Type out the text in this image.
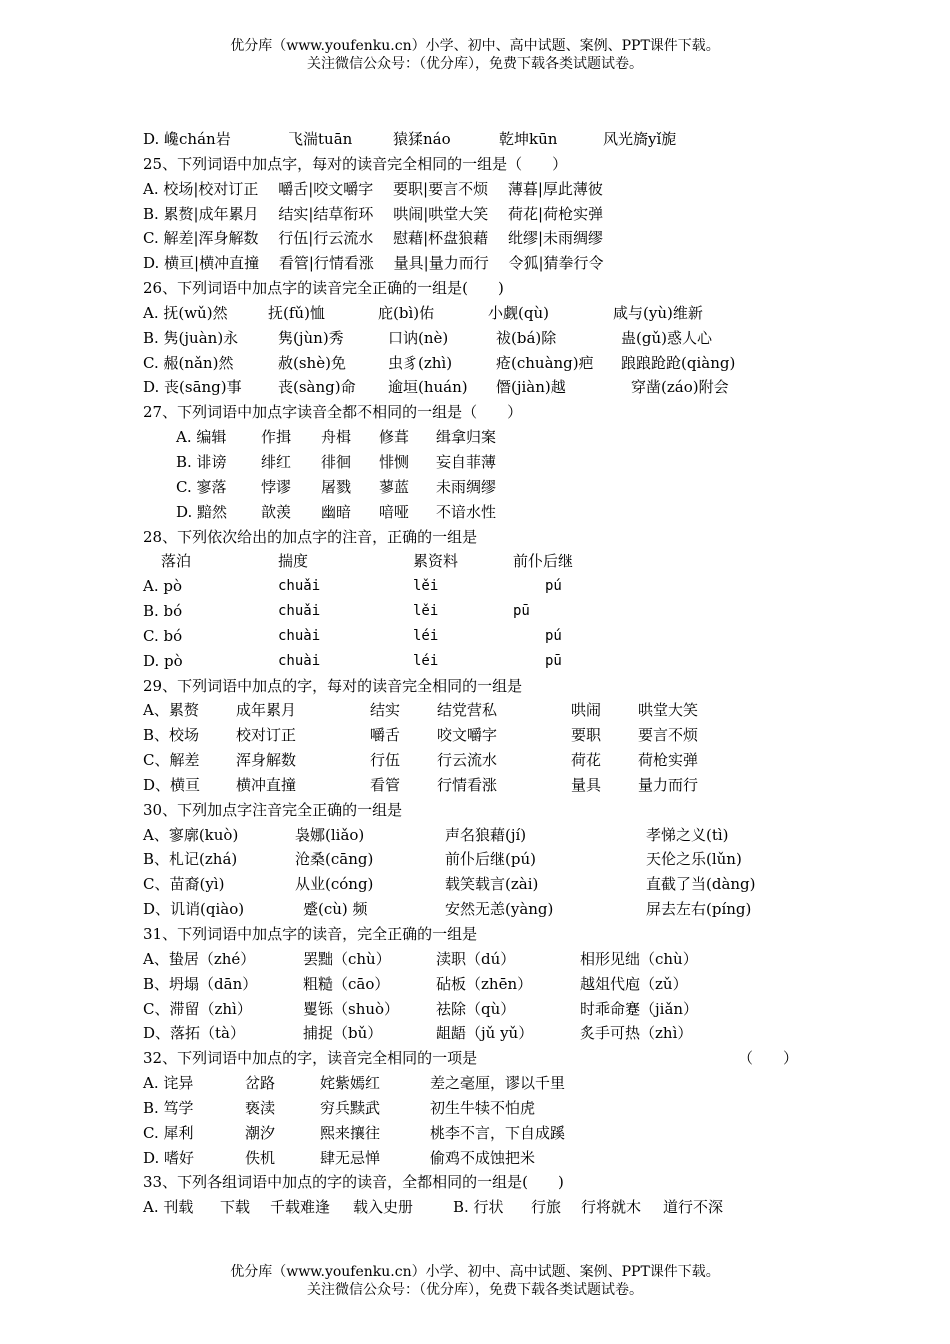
优分库（www.youfenku.cn）小学、初中、高中试题、案例、PPT课件下载。
关注微信公众号：（优分库），免费下载各类试题试卷。
D. 巉chán岩	飞湍tuān	猿猱náo	乾坤kūn	风光旖yǐ旎
25、下列词语中加点字，每对的读音完全相同的一组是（　　）
A. 校场|校对订正　 嚼舌|咬文嚼字　 要职|要言不烦　 薄暮|厚此薄彼
B. 累赘|成年累月　 结实|结草衔环　 哄闹|哄堂大笑　 荷花|荷枪实弹
C. 解差|浑身解数　 行伍|行云流水　 慰藉|杯盘狼藉　 纰缪|未雨绸缪
D. 横亘|横冲直撞　 看管|行情看涨　 量具|量力而行　 令狐|猜拳行令
26、下列词语中加点字的读音完全正确的一组是(　　)
A. 抚(wǔ)然	抚(fǔ)恤	庇(bì)佑	小觑(qù)	咸与(yù)维新
B. 隽(juàn)永	隽(jùn)秀	口讷(nè)	祓(bá)除	蛊(gǔ)惑人心
C. 赧(nǎn)然	赦(shè)免	虫豸(zhì)	疮(chuàng)疤 踉踉跄跄(qiàng)
D. 丧(sāng)事 丧(sàng)命 逾垣(huán) 僭(jiàn)越	穿凿(záo)附会
27、下列词语中加点字读音全都不相同的一组是（　　）
A. 编辑 作揖 舟楫 修葺 缉拿归案
B. 诽谤 绯红 徘徊 悱恻 妄自菲薄
C. 寥落 悖谬 屠戮 蓼蓝 未雨绸缪
D. 黯然 歆羡 幽暗 喑哑 不谙水性
28、下列依次给出的加点字的注音，正确的一组是
落泊	揣度	累资料	前仆后继
A. pò	chuǎi	lěi	pú
B. bó	chuǎi	lěi	pū
C. bó	chuài	léi	pú
D. pò	chuài	léi	pū
29、下列词语中加点的字，每对的读音完全相同的一组是
A、累赘 成年累月	结实 结党营私	哄闹 哄堂大笑
B、校场 校对订正	嚼舌 咬文嚼字	要职 要言不烦
C、解差 浑身解数	行伍 行云流水	荷花 荷枪实弹
D、横亘 横冲直撞	看管 行情看涨	量具 量力而行
30、下列加点字注音完全正确的一组是
A、寥廓(kuò)	袅娜(liǎo)	声名狼藉(jí)	孝悌之义(tì)
B、札记(zhá)	沧桑(cāng)	前仆后继(pú)	天伦之乐(lǔn)
C、苗裔(yì)	从业(cóng)	载笑载言(zài)	直截了当(dàng)
D、讥诮(qiào)	蹙(cù) 频	安然无恙(yàng)	屏去左右(píng)
31、下列词语中加点字的读音，完全正确的一组是
A、蛰居（zhé）	罢黜（chù）	渎职（dú）	相形见绌（chù）
B、坍塌（dān）	粗糙（cāo）	砧板（zhēn）	越俎代庖（zǔ）
C、滞留（zhì）	矍铄（shuò） 祛除（qù）	时乖命蹇（jiǎn）
D、落拓（tà）	捕捉（bǔ）	龃龉（jǔ yǔ）	炙手可热（zhì）
32、下列词语中加点的字，读音完全相同的一项是	（　　）
A. 诧异	岔路	姹紫嫣红	差之毫厘，谬以千里
B. 笃学	亵渎	穷兵黩武	初生牛犊不怕虎
C. 犀利	潮汐	熙来攘往	桃李不言，下自成蹊
D. 嗜好	佚机	肆无忌惮	偷鸡不成蚀把米
33、下列各组词语中加点的字的读音，全都相同的一组是(　　)
A. 刊载 下载 千载难逢 载入史册	B. 行状 行旅 行将就木 道行不深
优分库（www.youfenku.cn）小学、初中、高中试题、案例、PPT课件下载。
关注微信公众号：（优分库），免费下载各类试题试卷。
